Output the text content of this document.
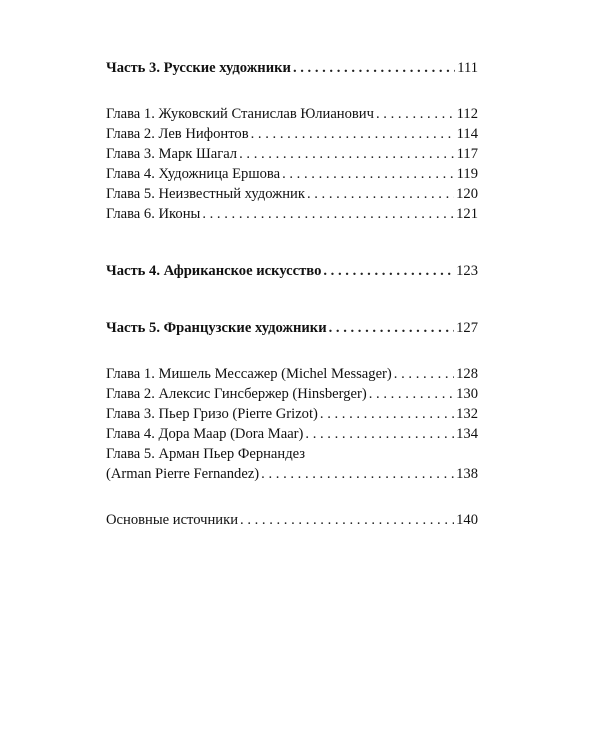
Часть 3. Русские художники . . .	111
Глава 1. Жуковский Станислав Юлианович . . .	112
Глава 2. Лев Нифонтов . . .	114
Глава 3. Марк Шагал . . .	117
Глава 4. Художница Ершова . . .	119
Глава 5. Неизвестный художник . . .	120
Глава 6. Иконы . . .	121
Часть 4. Африканское искусство . . .	123
Часть 5. Французские художники . . .	127
Глава 1. Мишель Мессажер (Michel Messager) . . .	128
Глава 2. Алексис Гинсбержер (Hinsberger) . . .	130
Глава 3. Пьер Гризо (Pierre Grizot) . . .	132
Глава 4. Дора Маар (Dora Maar) . . .	134
Глава 5. Арман Пьер Фернандез
(Arman Pierre Fernandez) . . .	138
Основные источники . . .	140
